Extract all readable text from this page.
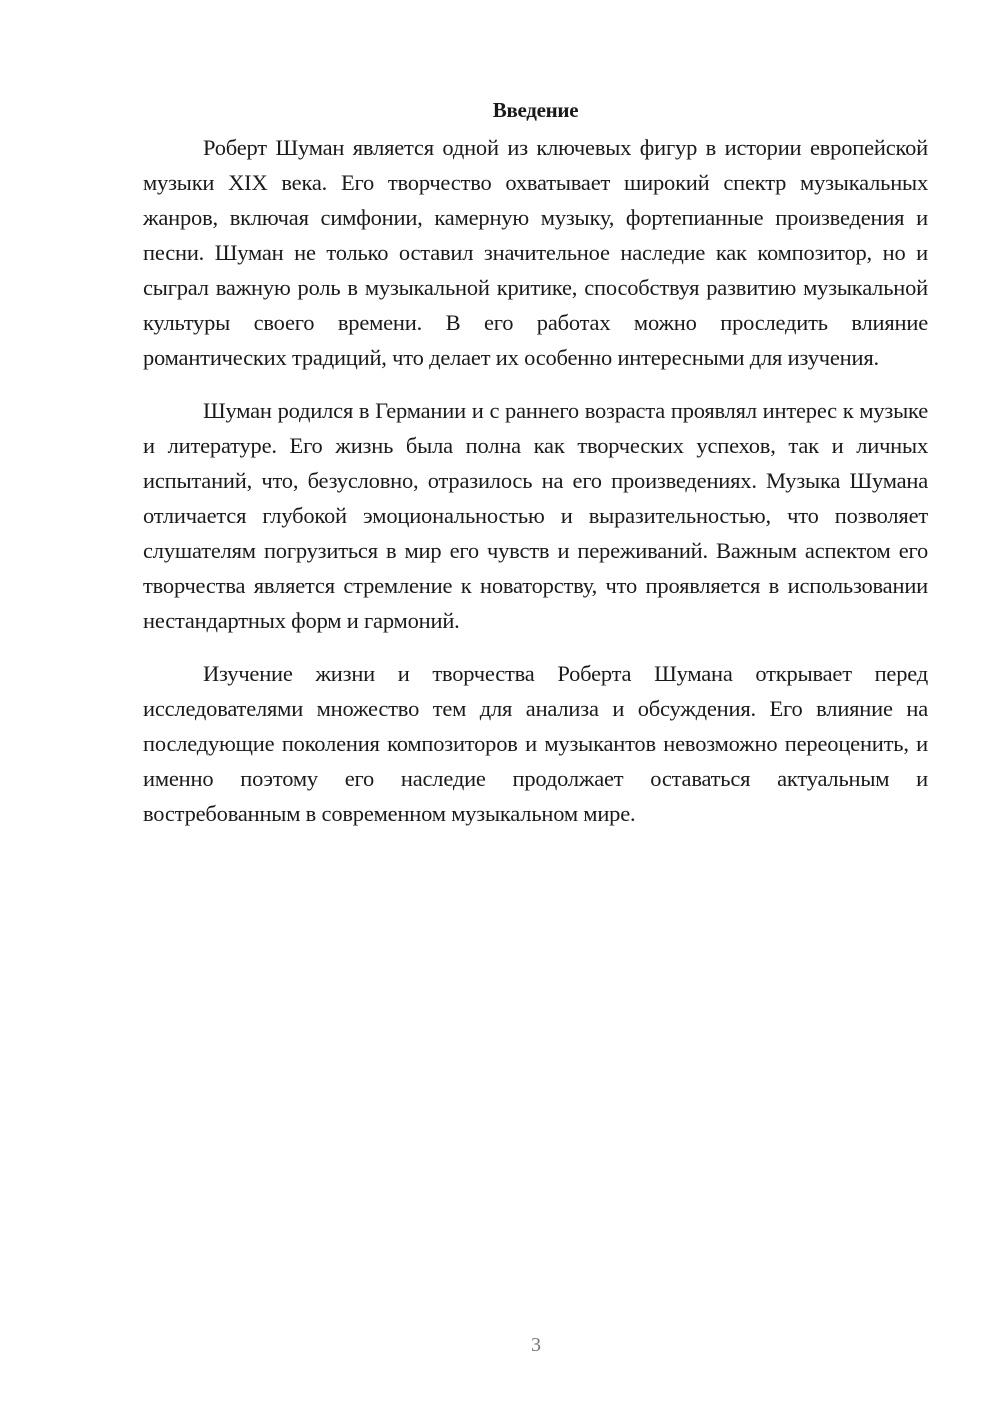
Введение

Роберт Шуман является одной из ключевых фигур в истории европейской музыки XIX века. Его творчество охватывает широкий спектр музыкальных жанров, включая симфонии, камерную музыку, фортепианные произведения и песни. Шуман не только оставил значительное наследие как композитор, но и сыграл важную роль в музыкальной критике, способствуя развитию музыкальной культуры своего времени. В его работах можно проследить влияние романтических традиций, что делает их особенно интересными для изучения.

Шуман родился в Германии и с раннего возраста проявлял интерес к музыке и литературе. Его жизнь была полна как творческих успехов, так и личных испытаний, что, безусловно, отразилось на его произведениях. Музыка Шумана отличается глубокой эмоциональностью и выразительностью, что позволяет слушателям погрузиться в мир его чувств и переживаний. Важным аспектом его творчества является стремление к новаторству, что проявляется в использовании нестандартных форм и гармоний.

Изучение жизни и творчества Роберта Шумана открывает перед исследователями множество тем для анализа и обсуждения. Его влияние на последующие поколения композиторов и музыкантов невозможно переоценить, и именно поэтому его наследие продолжает оставаться актуальным и востребованным в современном музыкальном мире.

3
